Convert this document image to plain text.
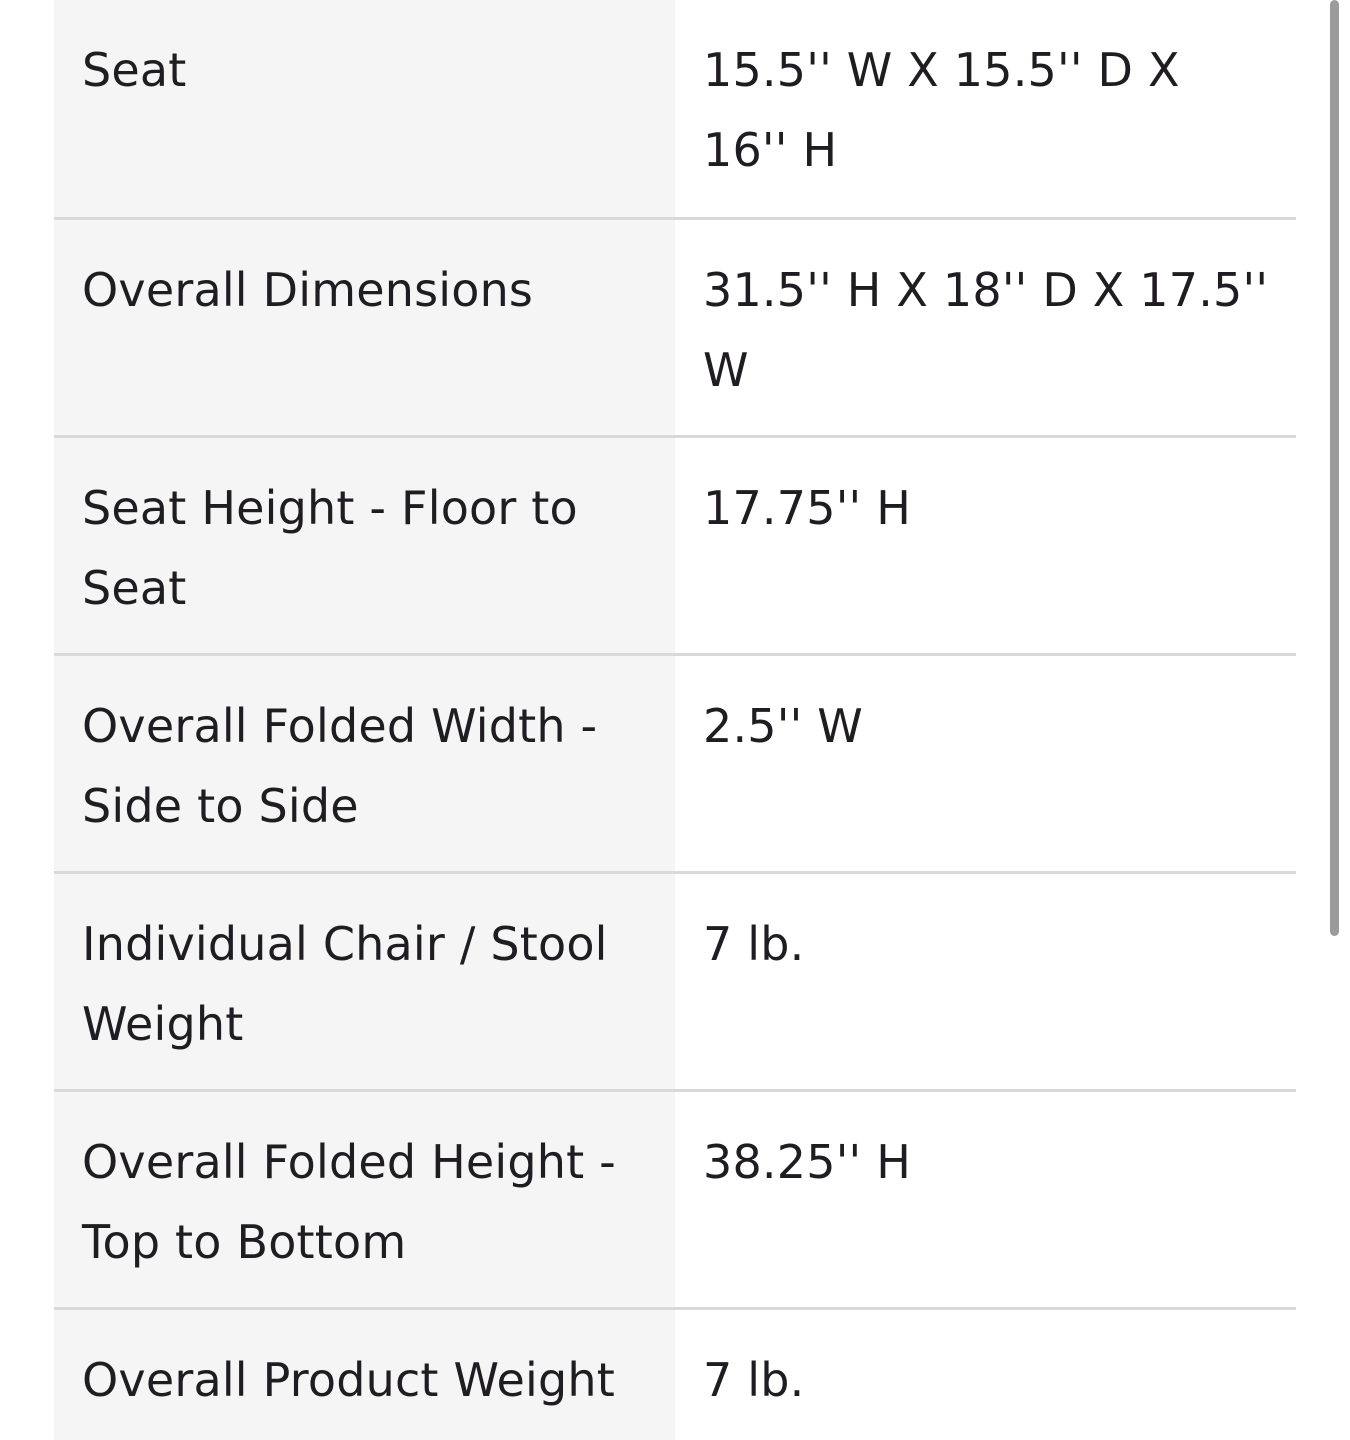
Seat	15.5'' W X 15.5'' D X 16'' H
Overall Dimensions	31.5'' H X 18'' D X 17.5'' W
Seat Height - Floor to Seat	17.75'' H
Overall Folded Width - Side to Side	2.5'' W
Individual Chair / Stool Weight	7 lb.
Overall Folded Height - Top to Bottom	38.25'' H
Overall Product Weight	7 lb.
